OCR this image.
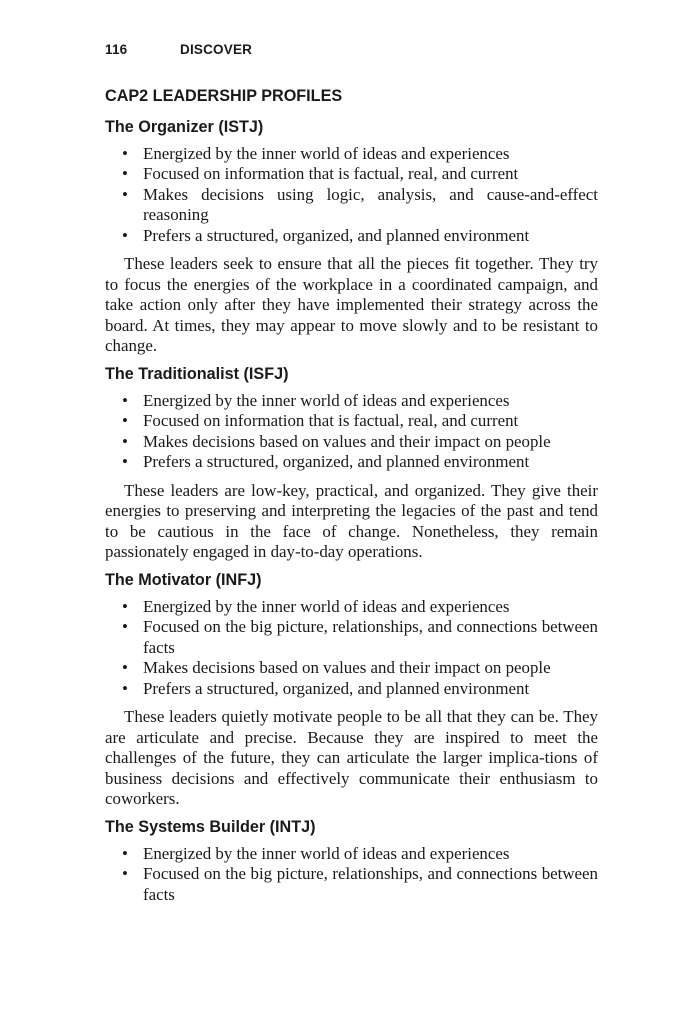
116	DISCOVER
CAP2 LEADERSHIP PROFILES
The Organizer (ISTJ)
• Energized by the inner world of ideas and experiences
• Focused on information that is factual, real, and current
• Makes decisions using logic, analysis, and cause-and-effect reasoning
• Prefers a structured, organized, and planned environment

These leaders seek to ensure that all the pieces fit together. They try to focus the energies of the workplace in a coordinated campaign, and take action only after they have implemented their strategy across the board. At times, they may appear to move slowly and to be resistant to change.

The Traditionalist (ISFJ)
• Energized by the inner world of ideas and experiences
• Focused on information that is factual, real, and current
• Makes decisions based on values and their impact on people
• Prefers a structured, organized, and planned environment

These leaders are low-key, practical, and organized. They give their energies to preserving and interpreting the legacies of the past and tend to be cautious in the face of change. Nonetheless, they remain passionately engaged in day-to-day operations.

The Motivator (INFJ)
• Energized by the inner world of ideas and experiences
• Focused on the big picture, relationships, and connections between facts
• Makes decisions based on values and their impact on people
• Prefers a structured, organized, and planned environment

These leaders quietly motivate people to be all that they can be. They are articulate and precise. Because they are inspired to meet the challenges of the future, they can articulate the larger implica-tions of business decisions and effectively communicate their enthusiasm to coworkers.

The Systems Builder (INTJ)
• Energized by the inner world of ideas and experiences
• Focused on the big picture, relationships, and connections between facts
